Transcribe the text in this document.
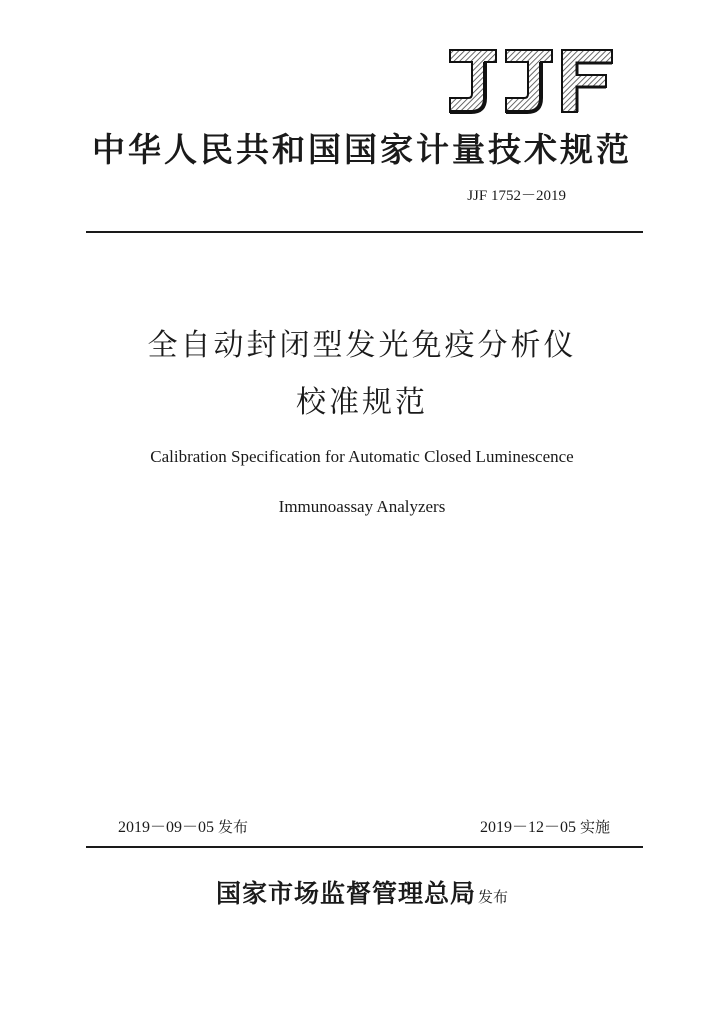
中华人民共和国国家计量技术规范
JJF 1752－2019
全自动封闭型发光免疫分析仪
校准规范
Calibration Specification for Automatic Closed Luminescence
Immunoassay Analyzers
2019－09－05 发布	2019－12－05 实施
国家市场监督管理总局 发布
